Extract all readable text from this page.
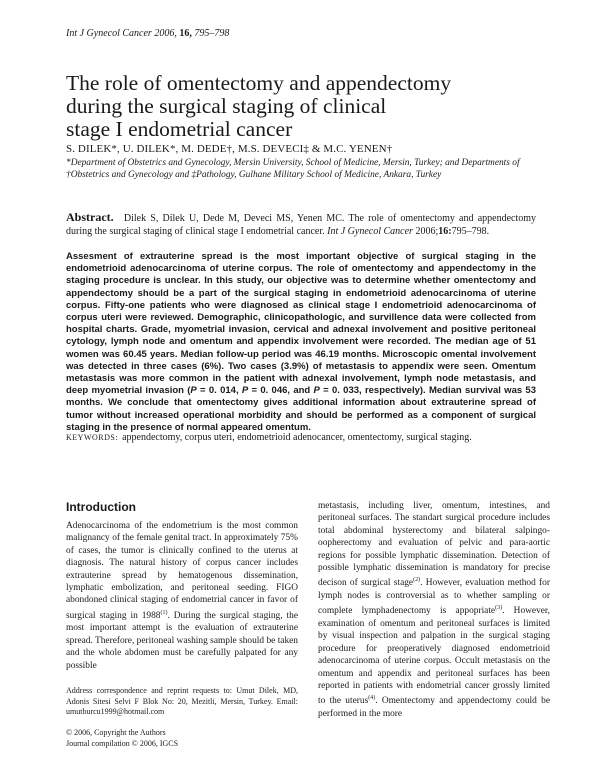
Int J Gynecol Cancer 2006, 16, 795–798
The role of omentectomy and appendectomy
during the surgical staging of clinical
stage I endometrial cancer
S. DILEK*, U. DILEK*, M. DEDE†, M.S. DEVECI‡ & M.C. YENEN†
*Department of Obstetrics and Gynecology, Mersin University, School of Medicine, Mersin, Turkey; and Departments of †Obstetrics and Gynecology and ‡Pathology, Gulhane Military School of Medicine, Ankara, Turkey
Abstract. Dilek S, Dilek U, Dede M, Deveci MS, Yenen MC. The role of omentectomy and appendectomy during the surgical staging of clinical stage I endometrial cancer. Int J Gynecol Cancer 2006;16:795–798.
Assesment of extrauterine spread is the most important objective of surgical staging in the endometrioid adenocarcinoma of uterine corpus. The role of omentectomy and appendectomy in the staging procedure is unclear. In this study, our objective was to determine whether omentectomy and appendectomy should be a part of the surgical staging in endometrioid adenocarcinoma of uterine corpus. Fifty-one patients who were diagnosed as clinical stage I endometrioid adenocarcinoma of corpus uteri were reviewed. Demographic, clinicopathologic, and survillence data were collected from hospital charts. Grade, myometrial invasion, cervical and adnexal involvement and positive peritoneal cytology, lymph node and omentum and appendix involvement were recorded. The median age of 51 women was 60.45 years. Median follow-up period was 46.19 months. Microscopic omental involvement was detected in three cases (6%). Two cases (3.9%) of metastasis to appendix were seen. Omentum metastasis was more common in the patient with adnexal involvement, lymph node metastasis, and deep myometrial invasion (P = 0. 014, P = 0. 046, and P = 0. 033, respectively). Median survival was 53 months. We conclude that omentectomy gives additional information about extrauterine spread of tumor without increased operational morbidity and should be performed as a component of surgical staging in the presence of normal appeared omentum.
KEYWORDS: appendectomy, corpus uteri, endometrioid adenocancer, omentectomy, surgical staging.
Introduction
Adenocarcinoma of the endometrium is the most common malignancy of the female genital tract. In approximately 75% of cases, the tumor is clinically confined to the uterus at diagnosis. The natural history of corpus cancer includes extrauterine spread by hematogenous dissemination, lymphatic embolization, and peritoneal seeding. FIGO abondoned clinical staging of endometrial cancer in favor of surgical staging in 1988$^{(1)}$. During the surgical staging, the most important attempt is the evaluation of extrauterine spread. Therefore, peritoneal washing sample should be taken and the whole abdomen must be carefully palpated for any possible
metastasis, including liver, omentum, intestines, and peritoneal surfaces. The standart surgical procedure includes total abdominal hysterectomy and bilateral salpingo-oopherectomy and evaluation of pelvic and para-aortic regions for possible lymphatic dissemination. Detection of possible lymphatic dissemination is mandatory for precise decison of surgical stage$^{(2)}$. However, evaluation method for lymph nodes is controversial as to whether sampling or complete lymphadenectomy is appopriate$^{(3)}$. However, examination of omentum and peritoneal surfaces is limited by visual inspection and palpation in the surgical staging procedure for preoperatively diagnosed endometrioid adenocarcinoma of uterine corpus. Occult metastasis on the omentum and appendix and peritoneal surfaces has been reported in patients with endometrial cancer grossly limited to the uterus$^{(4)}$. Omentectomy and appendectomy could be performed in the more
Address correspondence and reprint requests to: Umut Dilek, MD, Adonis Sitesi Selvi F Blok No: 20, Mezitli, Mersin, Turkey. Email: umutburcu1999@hotmail.com
© 2006, Copyright the Authors
Journal compilation © 2006, IGCS
